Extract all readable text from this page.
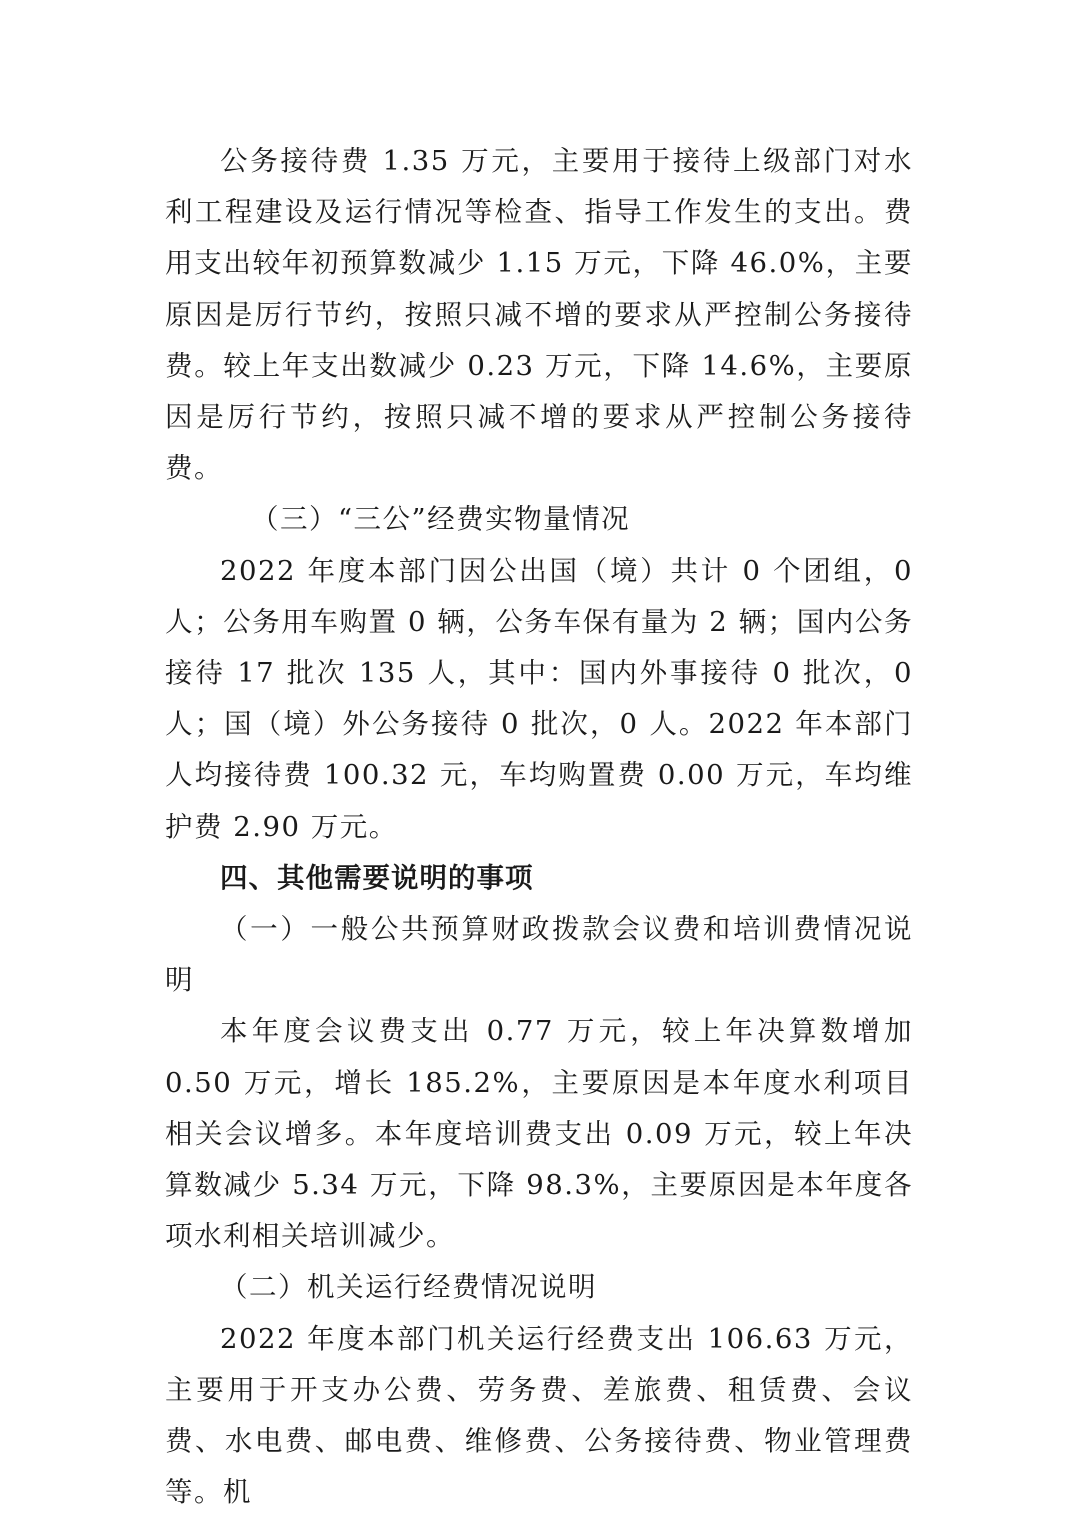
公务接待费 1.35 万元，主要用于接待上级部门对水利工程建设及运行情况等检查、指导工作发生的支出。费用支出较年初预算数减少 1.15 万元，下降 46.0%，主要原因是厉行节约，按照只减不增的要求从严控制公务接待费。较上年支出数减少 0.23 万元，下降 14.6%，主要原因是厉行节约，按照只减不增的要求从严控制公务接待费。

（三）“三公”经费实物量情况

2022 年度本部门因公出国（境）共计 0 个团组，0 人；公务用车购置 0 辆，公务车保有量为 2 辆；国内公务接待 17 批次 135 人，其中：国内外事接待 0 批次，0 人；国（境）外公务接待 0 批次，0 人。2022 年本部门人均接待费 100.32 元，车均购置费 0.00 万元，车均维护费 2.90 万元。

四、其他需要说明的事项

（一）一般公共预算财政拨款会议费和培训费情况说明

本年度会议费支出 0.77 万元，较上年决算数增加 0.50 万元，增长 185.2%，主要原因是本年度水利项目相关会议增多。本年度培训费支出 0.09 万元，较上年决算数减少 5.34 万元，下降 98.3%，主要原因是本年度各项水利相关培训减少。

（二）机关运行经费情况说明

2022 年度本部门机关运行经费支出 106.63 万元，主要用于开支办公费、劳务费、差旅费、租赁费、会议费、水电费、邮电费、维修费、公务接待费、物业管理费等。机
